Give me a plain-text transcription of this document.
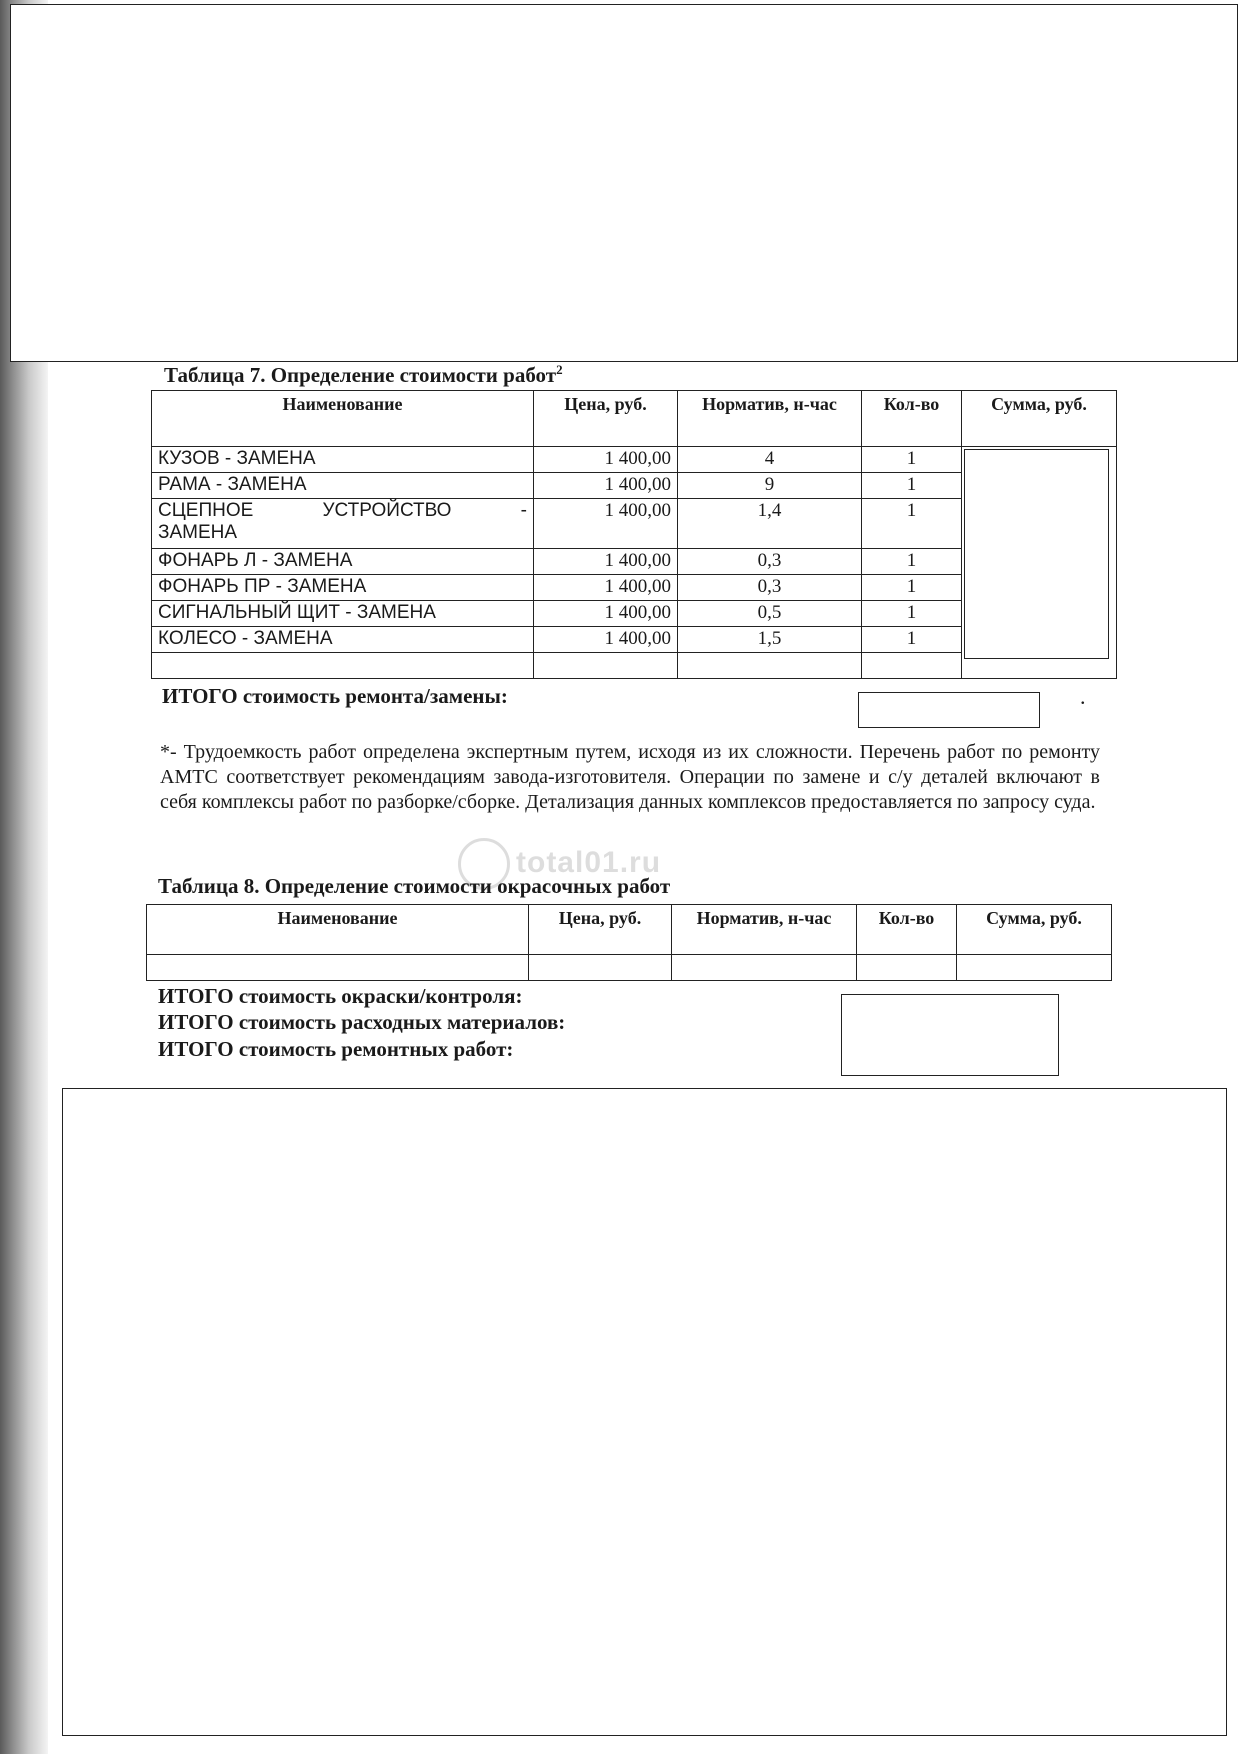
Таблица 7. Определение стоимости работ$^2$
Наименование	Цена, руб.	Норматив, н-час	Кол-во	Сумма, руб.
КУЗОВ - ЗАМЕНА	1 400,00	4	1	

РАМА - ЗАМЕНА	1 400,00	9	1	

СЦЕПНОЕ УСТРОЙСТВО -
ЗАМЕНА	1 400,00	1,4	1	
ФОНАРЬ Л - ЗАМЕНА	1 400,00	0,3	1	
ФОНАРЬ ПР - ЗАМЕНА	1 400,00	0,3	1	
СИГНАЛЬНЫЙ ЩИТ - ЗАМЕНА	1 400,00	0,5	1	
КОЛЕСО - ЗАМЕНА	1 400,00	1,5	1	

ИТОГО стоимость ремонта/замены:	.
*- Трудоемкость работ определена экспертным путем, исходя из их сложности. Перечень работ по ремонту АМТС соответствует рекомендациям завода-изготовителя. Операции по замене и с/у деталей включают в себя комплексы работ по разборке/сборке. Детализация данных комплексов предоставляется по запросу суда.
total01.ru
Таблица 8. Определение стоимости окрасочных работ
Наименование	Цена, руб.	Норматив, н-час	Кол-во	Сумма, руб.

ИТОГО стоимость окраски/контроля:
ИТОГО стоимость расходных материалов:
ИТОГО стоимость ремонтных работ:
